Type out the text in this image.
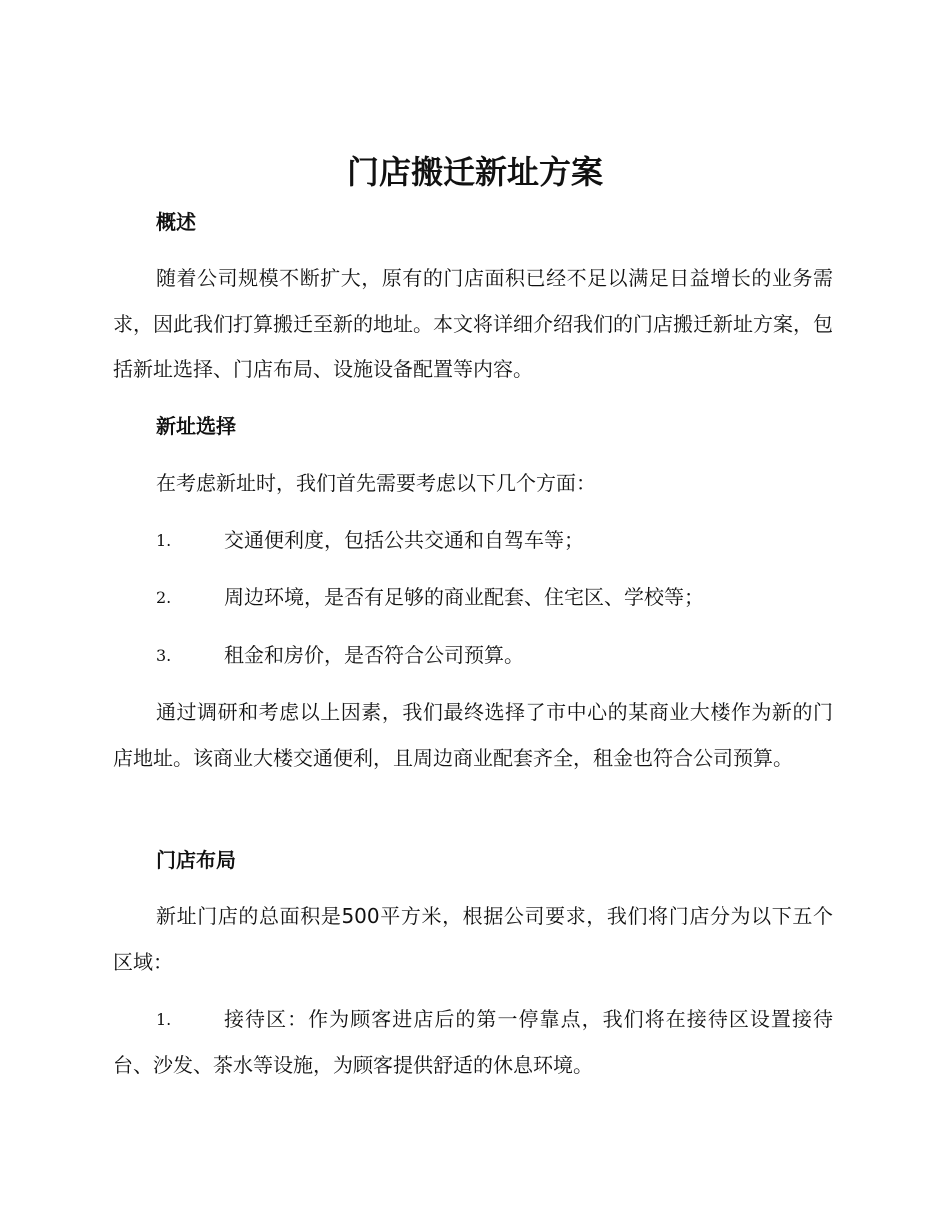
门店搬迁新址方案
概述
随着公司规模不断扩大，原有的门店面积已经不足以满足日益增长的业务需求，因此我们打算搬迁至新的地址。本文将详细介绍我们的门店搬迁新址方案，包括新址选择、门店布局、设施设备配置等内容。
新址选择
在考虑新址时，我们首先需要考虑以下几个方面：
1.	交通便利度，包括公共交通和自驾车等；
2.	周边环境，是否有足够的商业配套、住宅区、学校等；
3.	租金和房价，是否符合公司预算。
通过调研和考虑以上因素，我们最终选择了市中心的某商业大楼作为新的门店地址。该商业大楼交通便利，且周边商业配套齐全，租金也符合公司预算。
门店布局
新址门店的总面积是500平方米，根据公司要求，我们将门店分为以下五个区域：
1.	接待区：作为顾客进店后的第一停靠点，我们将在接待区设置接待台、沙发、茶水等设施，为顾客提供舒适的休息环境。
